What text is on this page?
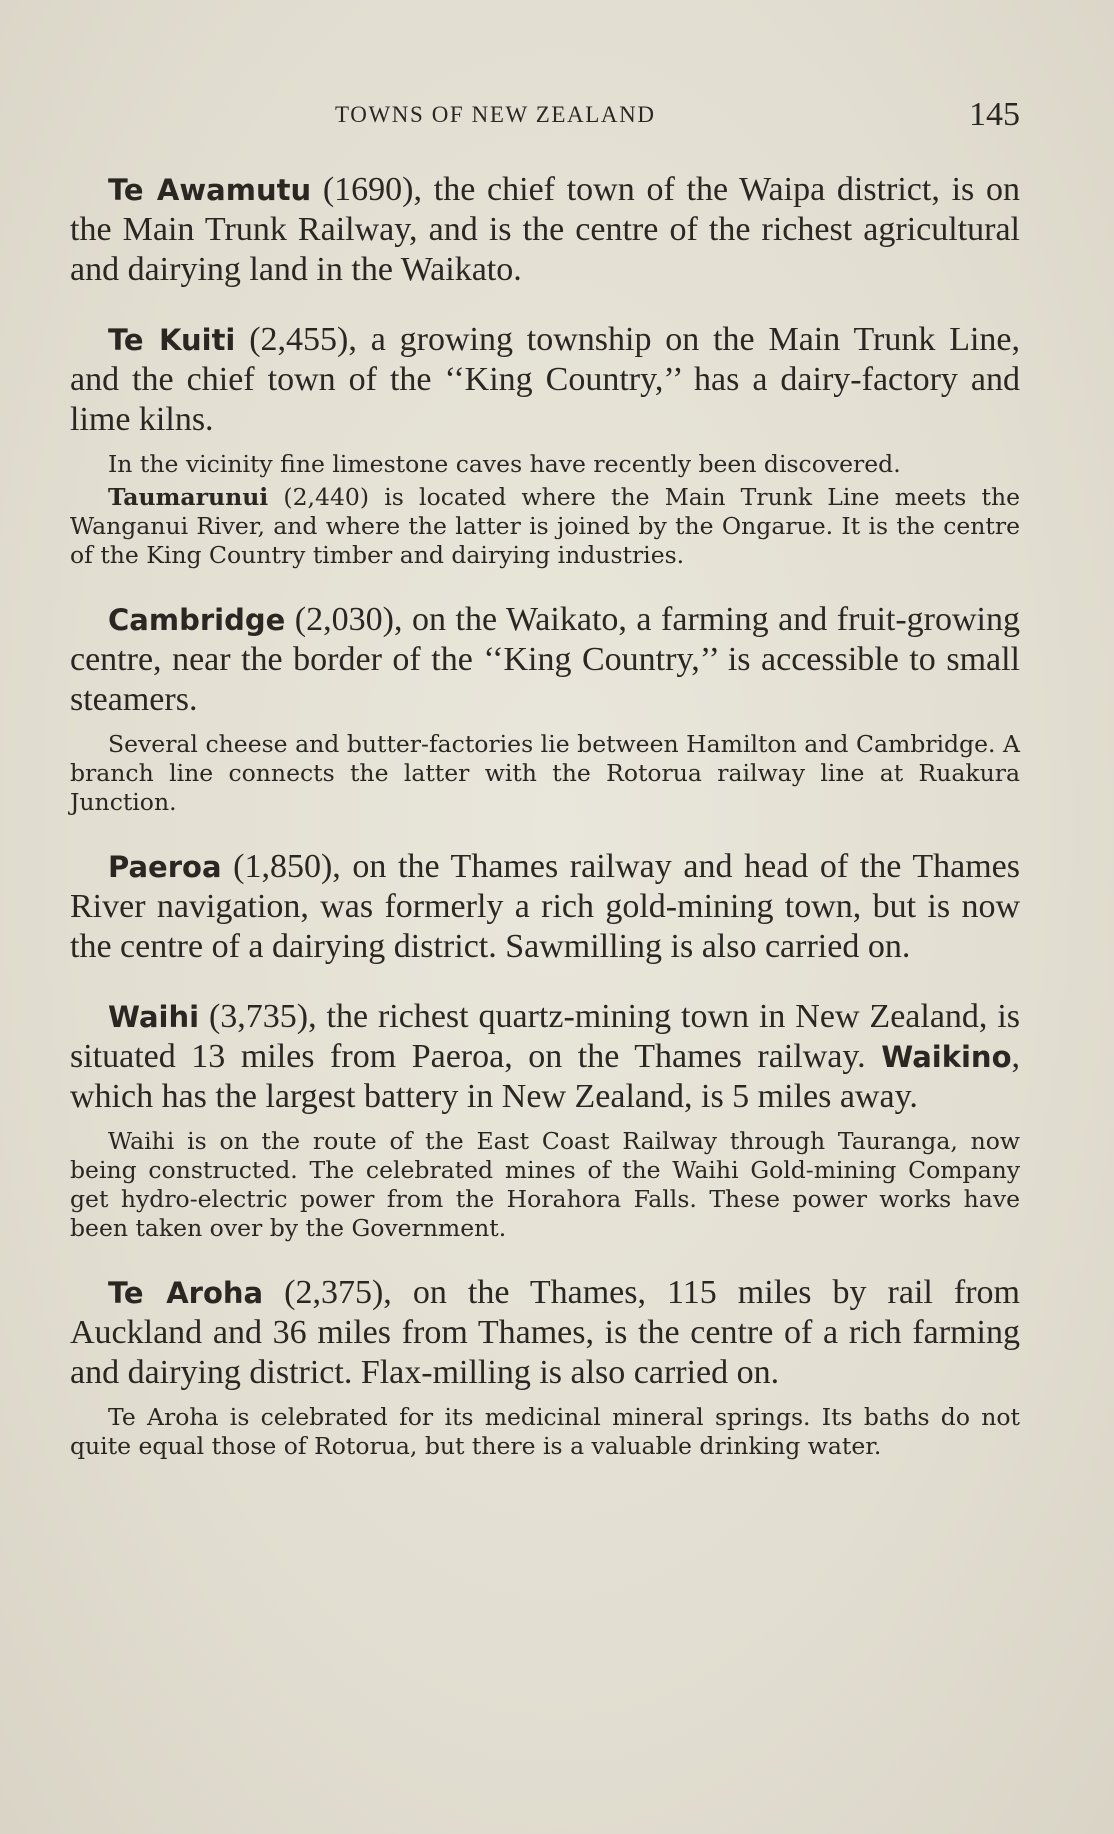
TOWNS OF NEW ZEALAND	145

Te Awamutu (1690), the chief town of the Waipa district, is on the Main Trunk Railway, and is the centre of the richest agricultural and dairying land in the Waikato.

Te Kuiti (2,455), a growing township on the Main Trunk Line, and the chief town of the ‘‘King Country,’’ has a dairy-factory and lime kilns.

In the vicinity fine limestone caves have recently been discovered.

Taumarunui (2,440) is located where the Main Trunk Line meets the Wanganui River, and where the latter is joined by the Ongarue. It is the centre of the King Country timber and dairying industries.

Cambridge (2,030), on the Waikato, a farming and fruit-growing centre, near the border of the ‘‘King Country,’’ is accessible to small steamers.

Several cheese and butter-factories lie between Hamilton and Cambridge. A branch line connects the latter with the Rotorua railway line at Ruakura Junction.

Paeroa (1,850), on the Thames railway and head of the Thames River navigation, was formerly a rich gold-mining town, but is now the centre of a dairying district. Sawmilling is also carried on.

Waihi (3,735), the richest quartz-mining town in New Zealand, is situated 13 miles from Paeroa, on the Thames railway. Waikino, which has the largest battery in New Zealand, is 5 miles away.

Waihi is on the route of the East Coast Railway through Tauranga, now being constructed. The celebrated mines of the Waihi Gold-mining Company get hydro-electric power from the Horahora Falls. These power works have been taken over by the Government.

Te Aroha (2,375), on the Thames, 115 miles by rail from Auckland and 36 miles from Thames, is the centre of a rich farming and dairying district. Flax-milling is also carried on.

Te Aroha is celebrated for its medicinal mineral springs. Its baths do not quite equal those of Rotorua, but there is a valuable drinking water.
